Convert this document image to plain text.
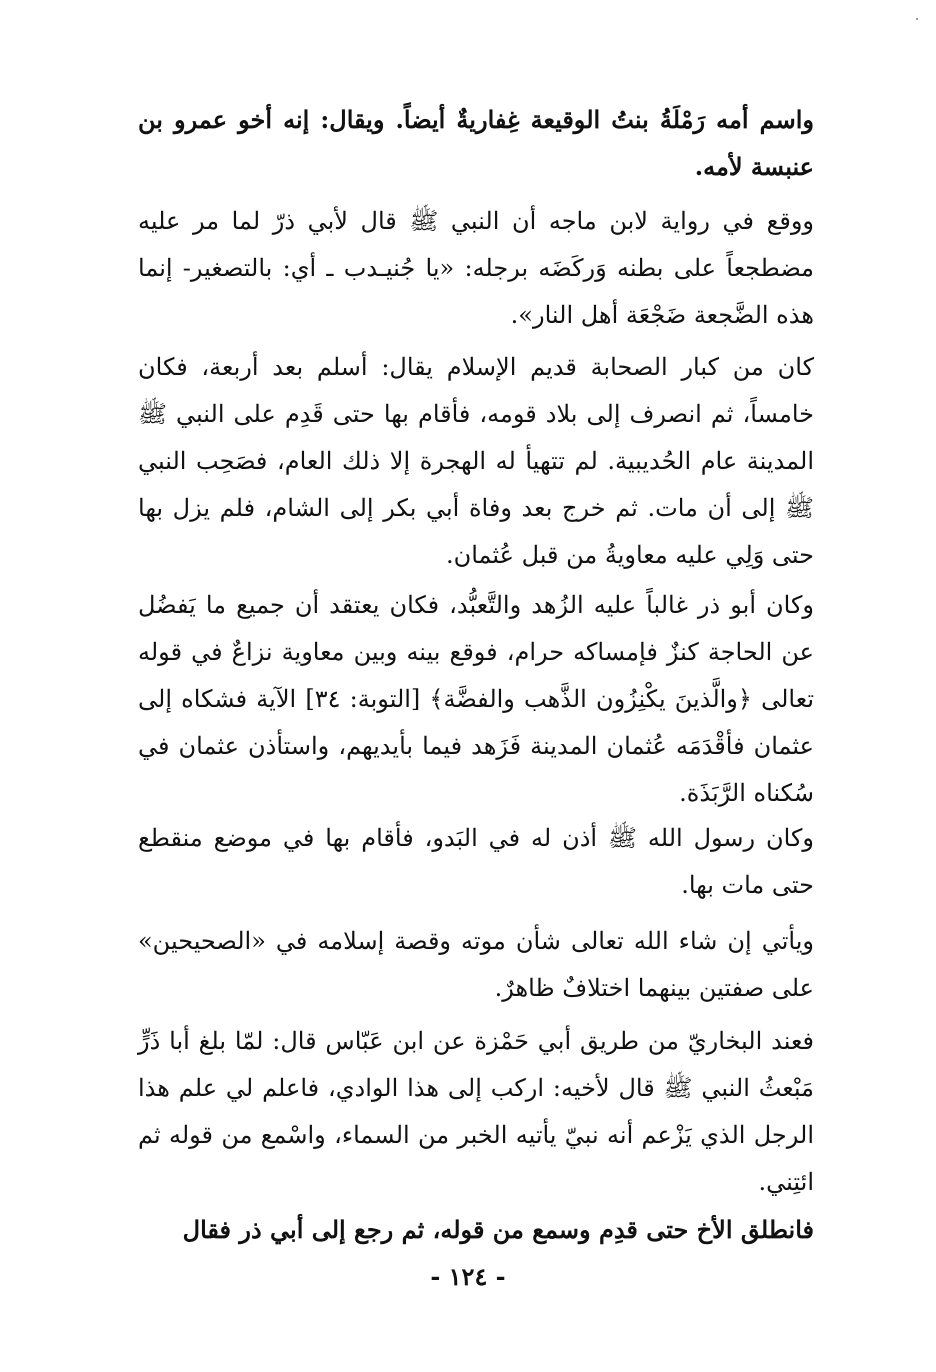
واسم أمه رَمْلَةُ بنتُ الوقيعة غِفاريةٌ أيضاً. ويقال: إنه أخو عمرو بن عنبسة لأمه.
ووقع في رواية لابن ماجه أن النبي ﷺ قال لأبي ذرّ لما مر عليه مضطجعاً على بطنه وَركَضَه برجله: «يا جُنيـدب ـ أي: بالتصغير- إنما هذه الضَّجعة ضَجْعَة أهل النار».
كان من كبار الصحابة قديم الإسلام يقال: أسلم بعد أربعة، فكان خامساً، ثم انصرف إلى بلاد قومه، فأقام بها حتى قَدِم على النبي ﷺ المدينة عام الحُديبية. لم تتهيأ له الهجرة إلا ذلك العام، فصَحِب النبي ﷺ إلى أن مات. ثم خرج بعد وفاة أبي بكر إلى الشام، فلم يزل بها حتى وَلِي عليه معاويةُ من قبل عُثمان.
وكان أبو ذر غالباً عليه الزُهد والتَّعبُّد، فكان يعتقد أن جميع ما يَفضُل عن الحاجة كنزٌ فإمساكه حرام، فوقع بينه وبين معاوية نزاعٌ في قوله تعالى ﴿والَّذينَ يكْنِزُون الذَّهب والفضَّة﴾ [التوبة: ٣٤] الآية فشكاه إلى عثمان فأقْدَمَه عُثمان المدينة فَزَهد فيما بأيديهم، واستأذن عثمان في سُكناه الرَّبَذَة.
وكان رسول الله ﷺ أذن له في البَدو، فأقام بها في موضع منقطع حتى مات بها.
ويأتي إن شاء الله تعالى شأن موته وقصة إسلامه في «الصحيحين» على صفتين بينهما اختلافٌ ظاهرٌ.
فعند البخاريّ من طريق أبي حَمْزة عن ابن عَبّاس قال: لمّا بلغ أبا ذَرٍّ مَبْعثُ النبي ﷺ قال لأخيه: اركب إلى هذا الوادي، فاعلم لي علم هذا الرجل الذي يَزْعم أنه نبيّ يأتيه الخبر من السماء، واسْمع من قوله ثم ائتِني.
فانطلق الأخ حتى قدِم وسمع من قوله، ثم رجع إلى أبي ذر فقال
- ١٢٤ -
